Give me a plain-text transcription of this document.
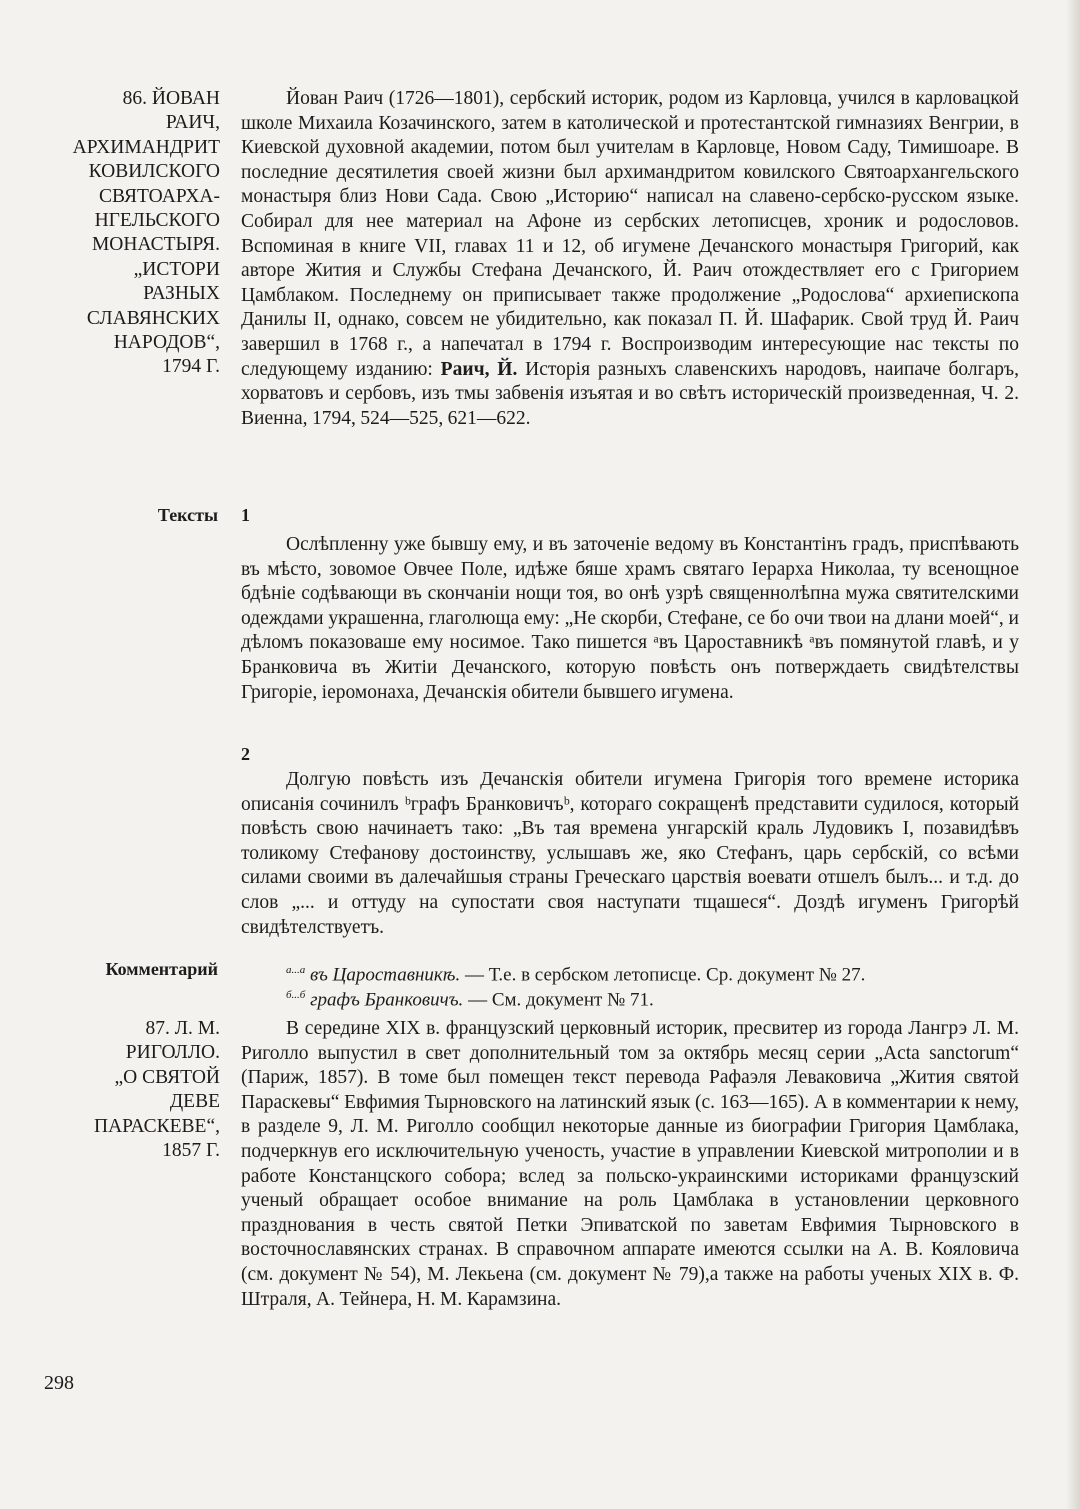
86. ЙОВАН
РАИЧ,
АРХИМАНДРИТ
КОВИЛСКОГО
СВЯТОАРХА-
НГЕЛЬСКОГО
МОНАСТЫРЯ.
„ИСТОРИ
РАЗНЫХ
СЛАВЯНСКИХ
НАРОДОВ“,
1794 Г.

Йован Раич (1726—1801), сербский историк, родом из Карловца, учился в карловацкой школе Михаила Козачинского, затем в католической и протестантской гимназиях Венгрии, в Киевской духовной академии, потом был учителам в Карловце, Новом Саду, Тимишоаре. В последние десятилетия своей жизни был архимандритом ковилского Святоархангельского монастыря близ Нови Сада. Свою „Историю“ написал на славено-сербско-русском языке. Собирал для нее материал на Афоне из сербских летописцев, хроник и родословов. Вспоминая в книге VII, главах 11 и 12, об игумене Дечанского монастыря Григорий, как авторе Жития и Службы Стефана Дечанского, Й. Раич отождествляет его с Григорием Цамблаком. Последнему он приписывает также продолжение „Родослова“ архиепископа Данилы II, однако, совсем не убидительно, как показал П. Й. Шафарик. Свой труд Й. Раич завершил в 1768 г., а напечатал в 1794 г. Воспроизводим интересующие нас тексты по следующему изданию: Раич, Й. Исторія разныхъ славенскихъ народовъ, наипаче болгаръ, хорватовъ и сербовъ, изъ тмы забвенія изъятая и во свѣтъ историческій произведенная, Ч. 2. Виенна, 1794, 524—525, 621—622.

Тексты 1

Ослѣпленну уже бывшу ему, и въ заточеніе ведому въ Константінъ градъ, приспѣвають въ мѣсто, зовомое Овчее Поле, идѣже бяше храмъ святаго Іерарха Николаа, ту всенощное бдѣніе содѣвающи въ скончаніи нощи тоя, во онѣ узрѣ священнолѣпна мужа святителскими одеждами украшенна, глаголюща ему: „Не скорби, Стефане, се бо очи твои на длани моей“, и дѣломъ показоваше ему носимое. Тако пишется ᵃвъ Цароставникѣ ᵃвъ помянутой главѣ, и у Бранковича въ Житіи Дечанского, которую повѣсть онъ потверждаеть свидѣтелствы Григоріе, іеромонаха, Дечанскія обители бывшего игумена.

2

Долгую повѣсть изъ Дечанскія обители игумена Григорія того времене историка описанія сочинилъ ᵇграфъ Бранковичъᵇ, котораго сокращенѣ представити судилося, который повѣсть свою начинаетъ тако: „Въ тая времена унгарскій краль Лудовикъ I, позавидѣвъ толикому Стефанову достоинству, услышавъ же, яко Стефанъ, царь сербскій, со всѣми силами своими въ далечайшыя страны Греческаго царствія воевати отшелъ былъ... и т.д. до слов „... и оттуду на супостати своя наступати тщашеся“. Доздѣ игуменъ Григорѣй свидѣтелствуетъ.

Комментарий	$^{а...а}$ въ Цароставникѣ. — Т.е. в сербском летописце. Ср. документ № 27.
$^{б...б}$ графъ Бранковичъ. — См. документ № 71.
87. Л. М.
РИГОЛЛО.
„О СВЯТОЙ
ДЕВЕ
ПАРАСКЕВЕ“,
1857 Г.

В середине XIX в. французский церковный историк, пресвитер из города Лангрэ Л. М. Риголло выпустил в свет дополнительный том за октябрь месяц серии „Acta sanctorum“ (Париж, 1857). В томе был помещен текст перевода Рафаэля Леваковича „Жития святой Параскевы“ Евфимия Тырновского на латинский язык (с. 163—165). А в комментарии к нему, в разделе 9, Л. М. Риголло сообщил некоторые данные из биографии Григория Цамблака, подчеркнув его исключительную ученость, участие в управлении Киевской митрополии и в работе Констанцского собора; вслед за польско-украинскими историками французский ученый обращает особое внимание на роль Цамблака в установлении церковного празднования в честь святой Петки Эпиватской по заветам Евфимия Тырновского в восточнославянских странах. В справочном аппарате имеются ссылки на А. В. Кояловича (см. документ № 54), М. Лекьена (см. документ № 79),а также на работы ученых XIX в. Ф. Штраля, А. Тейнера, Н. М. Карамзина.

298
